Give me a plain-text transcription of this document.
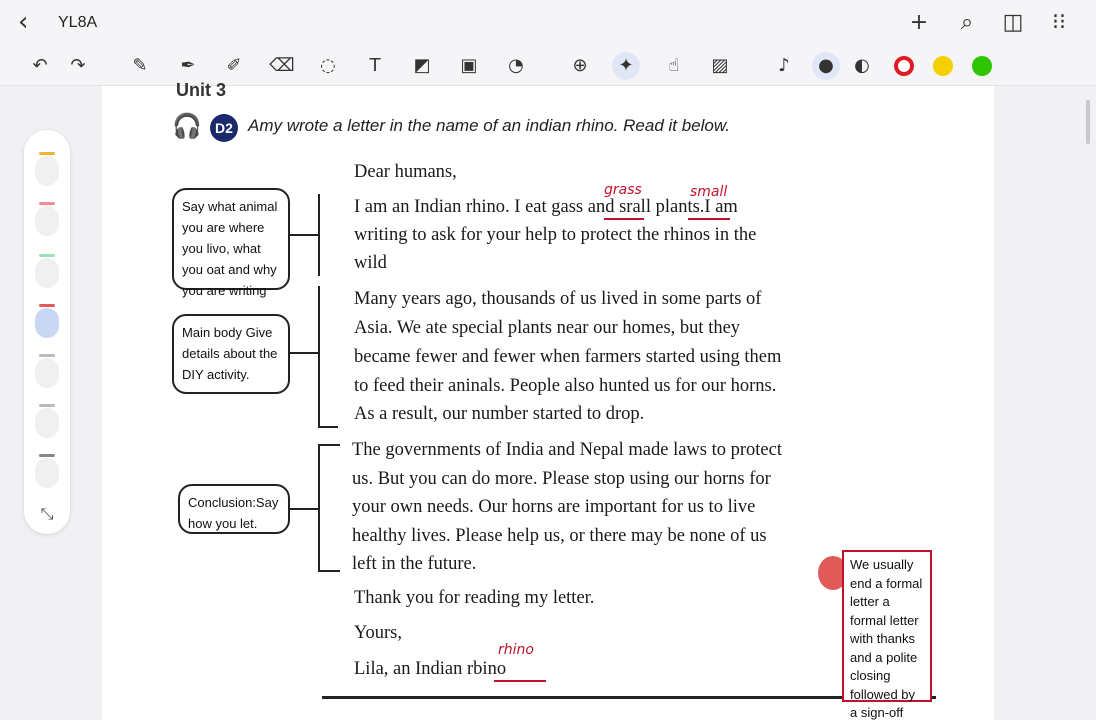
‹	YL8A	+	⌕	◫	⁝⁝
↶	↷	✎	✒	✐	⌫	◌	T	◩	▣	◔	⊕	✦	☝	▨	♪	●	◐
Unit 3
🎧 D2 Amy wrote a letter in the name of an indian rhino. Read it below.
Say what animal you are where you livo, what you oat and why you are writing
Main body Give details about the DIY activity.
Conclusion:Say how you let.
Dear humans,
I am an Indian rhino. I eat gass and srall plants.I am
grass	small
writing to ask for your help to protect the rhinos in the
wild
Many years ago, thousands of us lived in some parts of
Asia. We ate special plants near our homes, but they
became fewer and fewer when farmers started using them
to feed their aninals. People also hunted us for our horns.
As a result, our number started to drop.
The governments of India and Nepal made laws to protect
us. But you can do more. Please stop using our horns for
your own needs. Our horns are important for us to live
healthy lives. Please help us, or there may be none of us
left in the future.
Thank you for reading my letter.
Yours,
Lila, an Indian rbino
rhino
We usually end a formal letter a formal letter with thanks and a polite closing followed by a sign-off
⤡
